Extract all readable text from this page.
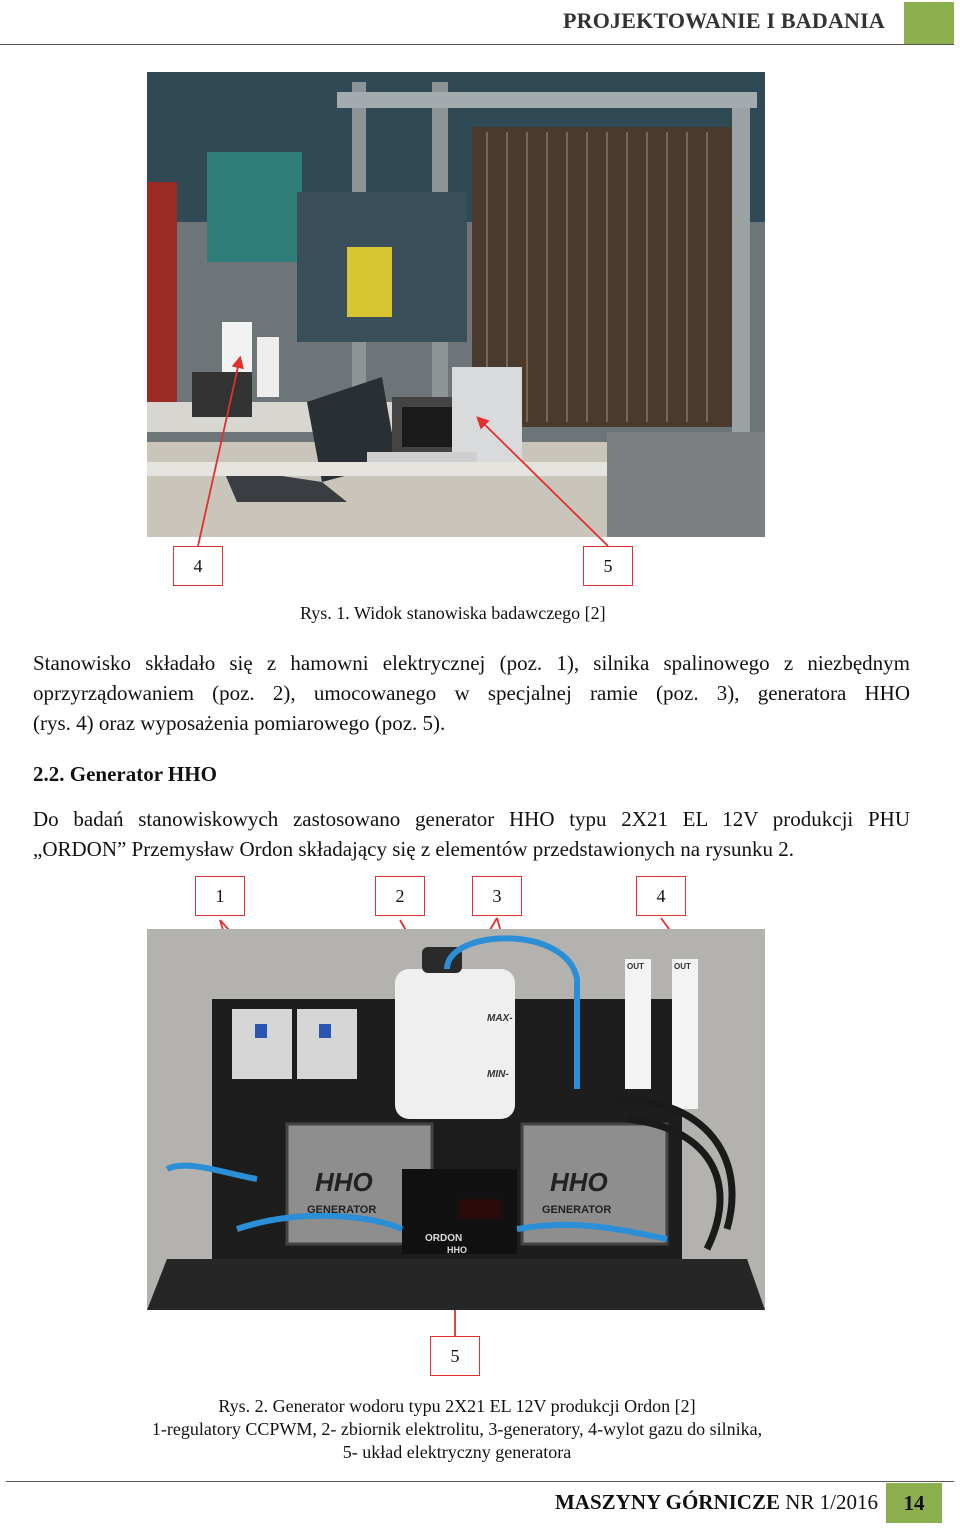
PROJEKTOWANIE I BADANIA
4	5
Rys. 1. Widok stanowiska badawczego [2]
Stanowisko składało się z hamowni elektrycznej (poz. 1), silnika spalinowego z niezbędnym
oprzyrządowaniem (poz. 2), umocowanego w specjalnej ramie (poz. 3), generatora HHO
(rys. 4) oraz wyposażenia pomiarowego (poz. 5).
2.2. Generator HHO
Do badań stanowiskowych zastosowano generator HHO typu 2X21 EL 12V produkcji PHU
„ORDON” Przemysław Ordon składający się z elementów przedstawionych na rysunku 2.
1	2	3	4
MAX-
MIN-
OUT	OUT
HHO
GENERATOR
HHO
GENERATOR
ORDON
HHO
5
Rys. 2. Generator wodoru typu 2X21 EL 12V produkcji Ordon [2]
1-regulatory CCPWM, 2- zbiornik elektrolitu, 3-generatory, 4-wylot gazu do silnika,
5- układ elektryczny generatora
MASZYNY GÓRNICZE NR 1/2016	14
